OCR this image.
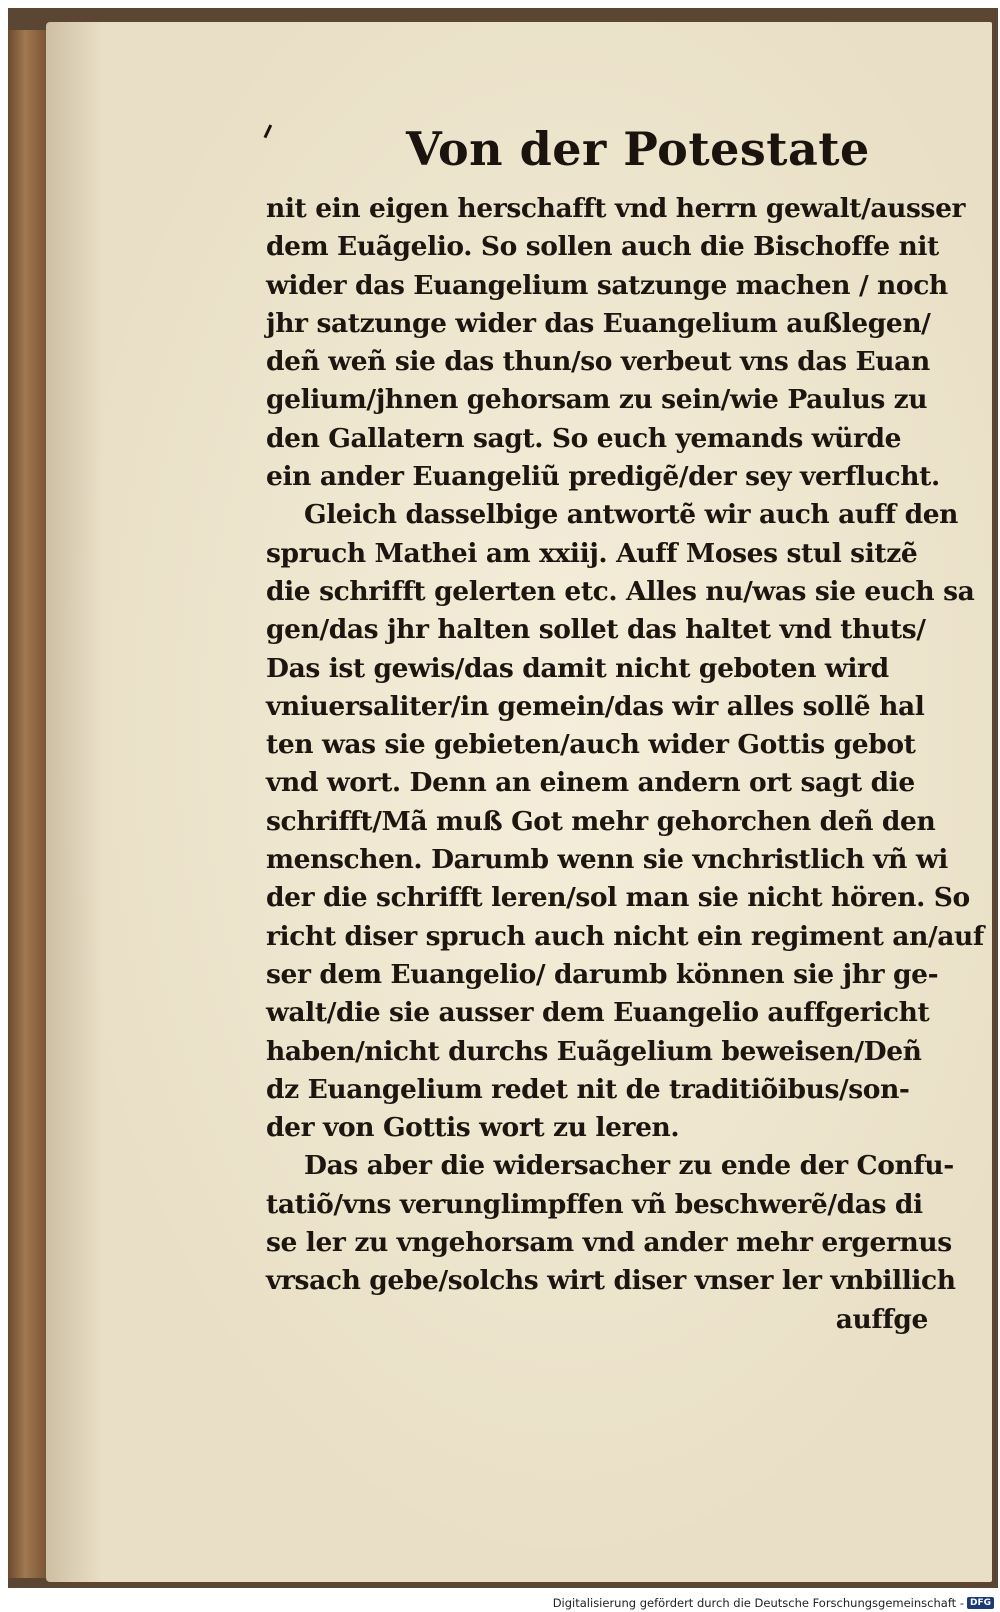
Von der Potestate
nit ein eigen herschafft vnd herrn gewalt/ausser
dem Euãgelio. So sollen auch die Bischoffe nit
wider das Euangelium satzunge machen / noch
jhr satzunge wider das Euangelium außlegen/
deñ weñ sie das thun/so verbeut vns das Euan
gelium/jhnen gehorsam zu sein/wie Paulus zu
den Gallatern sagt. So euch yemands würde
ein ander Euangeliũ predigẽ/der sey verflucht.
Gleich dasselbige antwortẽ wir auch auff den
spruch Mathei am xxiij. Auff Moses stul sitzẽ
die schrifft gelerten etc. Alles nu/was sie euch sa
gen/das jhr halten sollet das haltet vnd thuts/
Das ist gewis/das damit nicht geboten wird
vniuersaliter/in gemein/das wir alles sollẽ hal
ten was sie gebieten/auch wider Gottis gebot
vnd wort. Denn an einem andern ort sagt die
schrifft/Mã muß Got mehr gehorchen deñ den
menschen. Darumb wenn sie vnchristlich vñ wi
der die schrifft leren/sol man sie nicht hören. So
richt diser spruch auch nicht ein regiment an/auf
ser dem Euangelio/ darumb können sie jhr ge-
walt/die sie ausser dem Euangelio auffgericht
haben/nicht durchs Euãgelium beweisen/Deñ
dz Euangelium redet nit de traditiõibus/son-
der von Gottis wort zu leren.
Das aber die widersacher zu ende der Confu-
tatiõ/vns verunglimpffen vñ beschwerẽ/das di
se ler zu vngehorsam vnd ander mehr ergernus
vrsach gebe/solchs wirt diser vnser ler vnbillich
auffge
Digitalisierung gefördert durch die Deutsche Forschungsgemeinschaft - DFG
